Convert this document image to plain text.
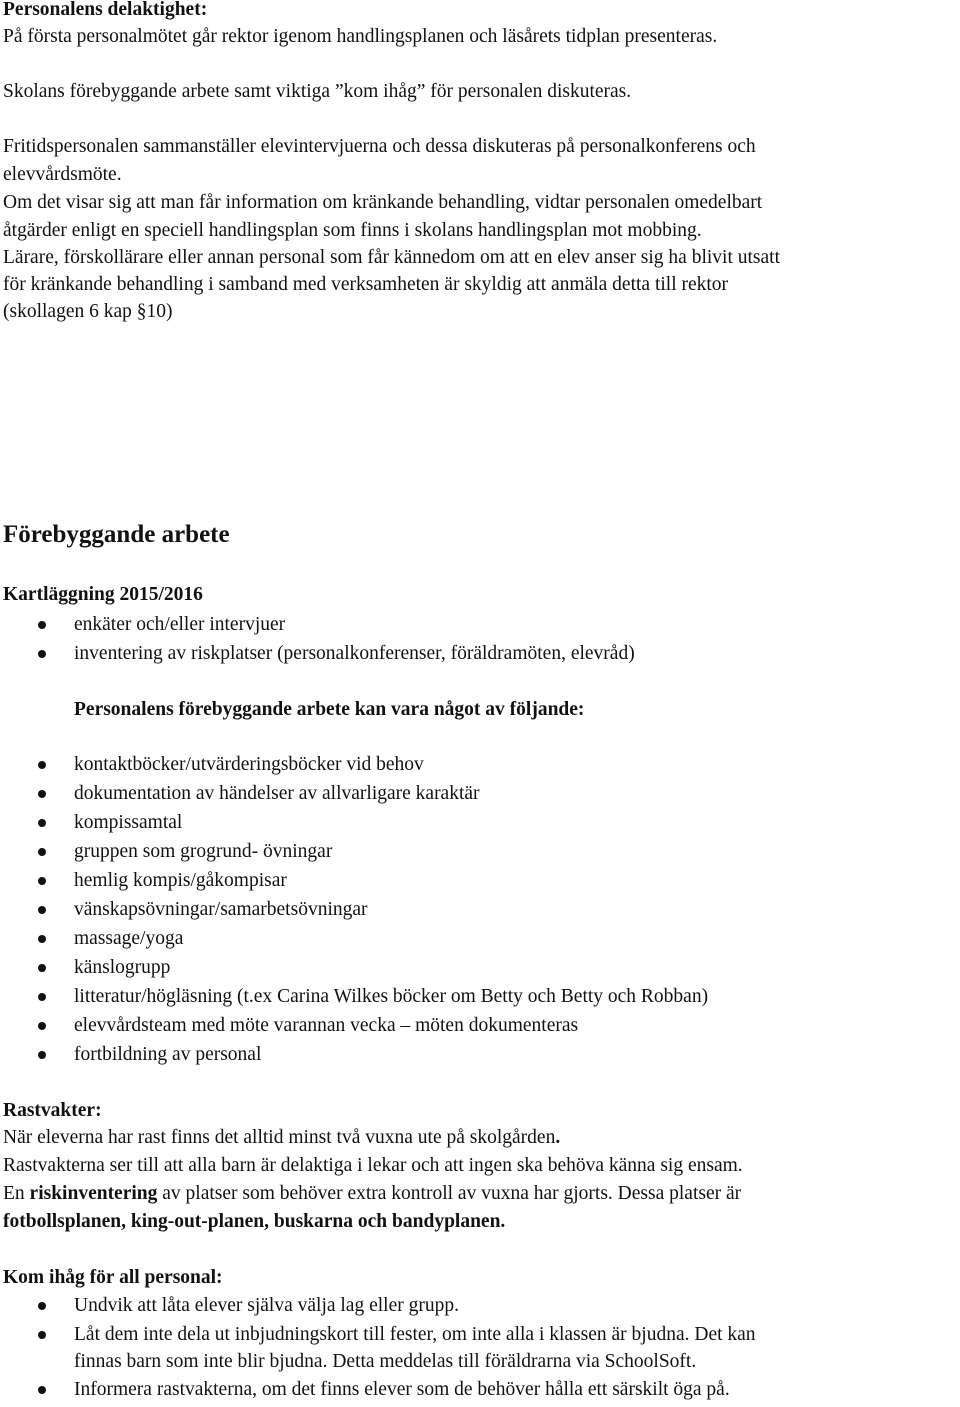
Personalens delaktighet:
På första personalmötet går rektor igenom handlingsplanen och läsårets tidplan presenteras.
Skolans förebyggande arbete samt viktiga ”kom ihåg” för personalen diskuteras.
Fritidspersonalen sammanställer elevintervjuerna och dessa diskuteras på personalkonferens och
elevvårdsmöte.
Om det visar sig att man får information om kränkande behandling, vidtar personalen omedelbart
åtgärder enligt en speciell handlingsplan som finns i skolans handlingsplan mot mobbing.
Lärare, förskollärare eller annan personal som får kännedom om att en elev anser sig ha blivit utsatt
för kränkande behandling i samband med verksamheten är skyldig att anmäla detta till rektor
(skollagen 6 kap §10)
Förebyggande arbete
Kartläggning 2015/2016
enkäter och/eller intervjuer
inventering av riskplatser (personalkonferenser, föräldramöten, elevråd)
Personalens förebyggande arbete kan vara något av följande:
kontaktböcker/utvärderingsböcker vid behov
dokumentation av händelser av allvarligare karaktär
kompissamtal
gruppen som grogrund- övningar
hemlig kompis/gåkompisar
vänskapsövningar/samarbetsövningar
massage/yoga
känslogrupp
litteratur/högläsning (t.ex Carina Wilkes böcker om Betty och Betty och Robban)
elevvårdsteam med möte varannan vecka – möten dokumenteras
fortbildning av personal
Rastvakter:
När eleverna har rast finns det alltid minst två vuxna ute på skolgården.
Rastvakterna ser till att alla barn är delaktiga i lekar och att ingen ska behöva känna sig ensam.
En riskinventering av platser som behöver extra kontroll av vuxna har gjorts. Dessa platser är
fotbollsplanen, king-out-planen, buskarna och bandyplanen.
Kom ihåg för all personal:
Undvik att låta elever själva välja lag eller grupp.
Låt dem inte dela ut inbjudningskort till fester, om inte alla i klassen är bjudna. Det kan
finnas barn som inte blir bjudna. Detta meddelas till föräldrarna via SchoolSoft.
Informera rastvakterna, om det finns elever som de behöver hålla ett särskilt öga på.
